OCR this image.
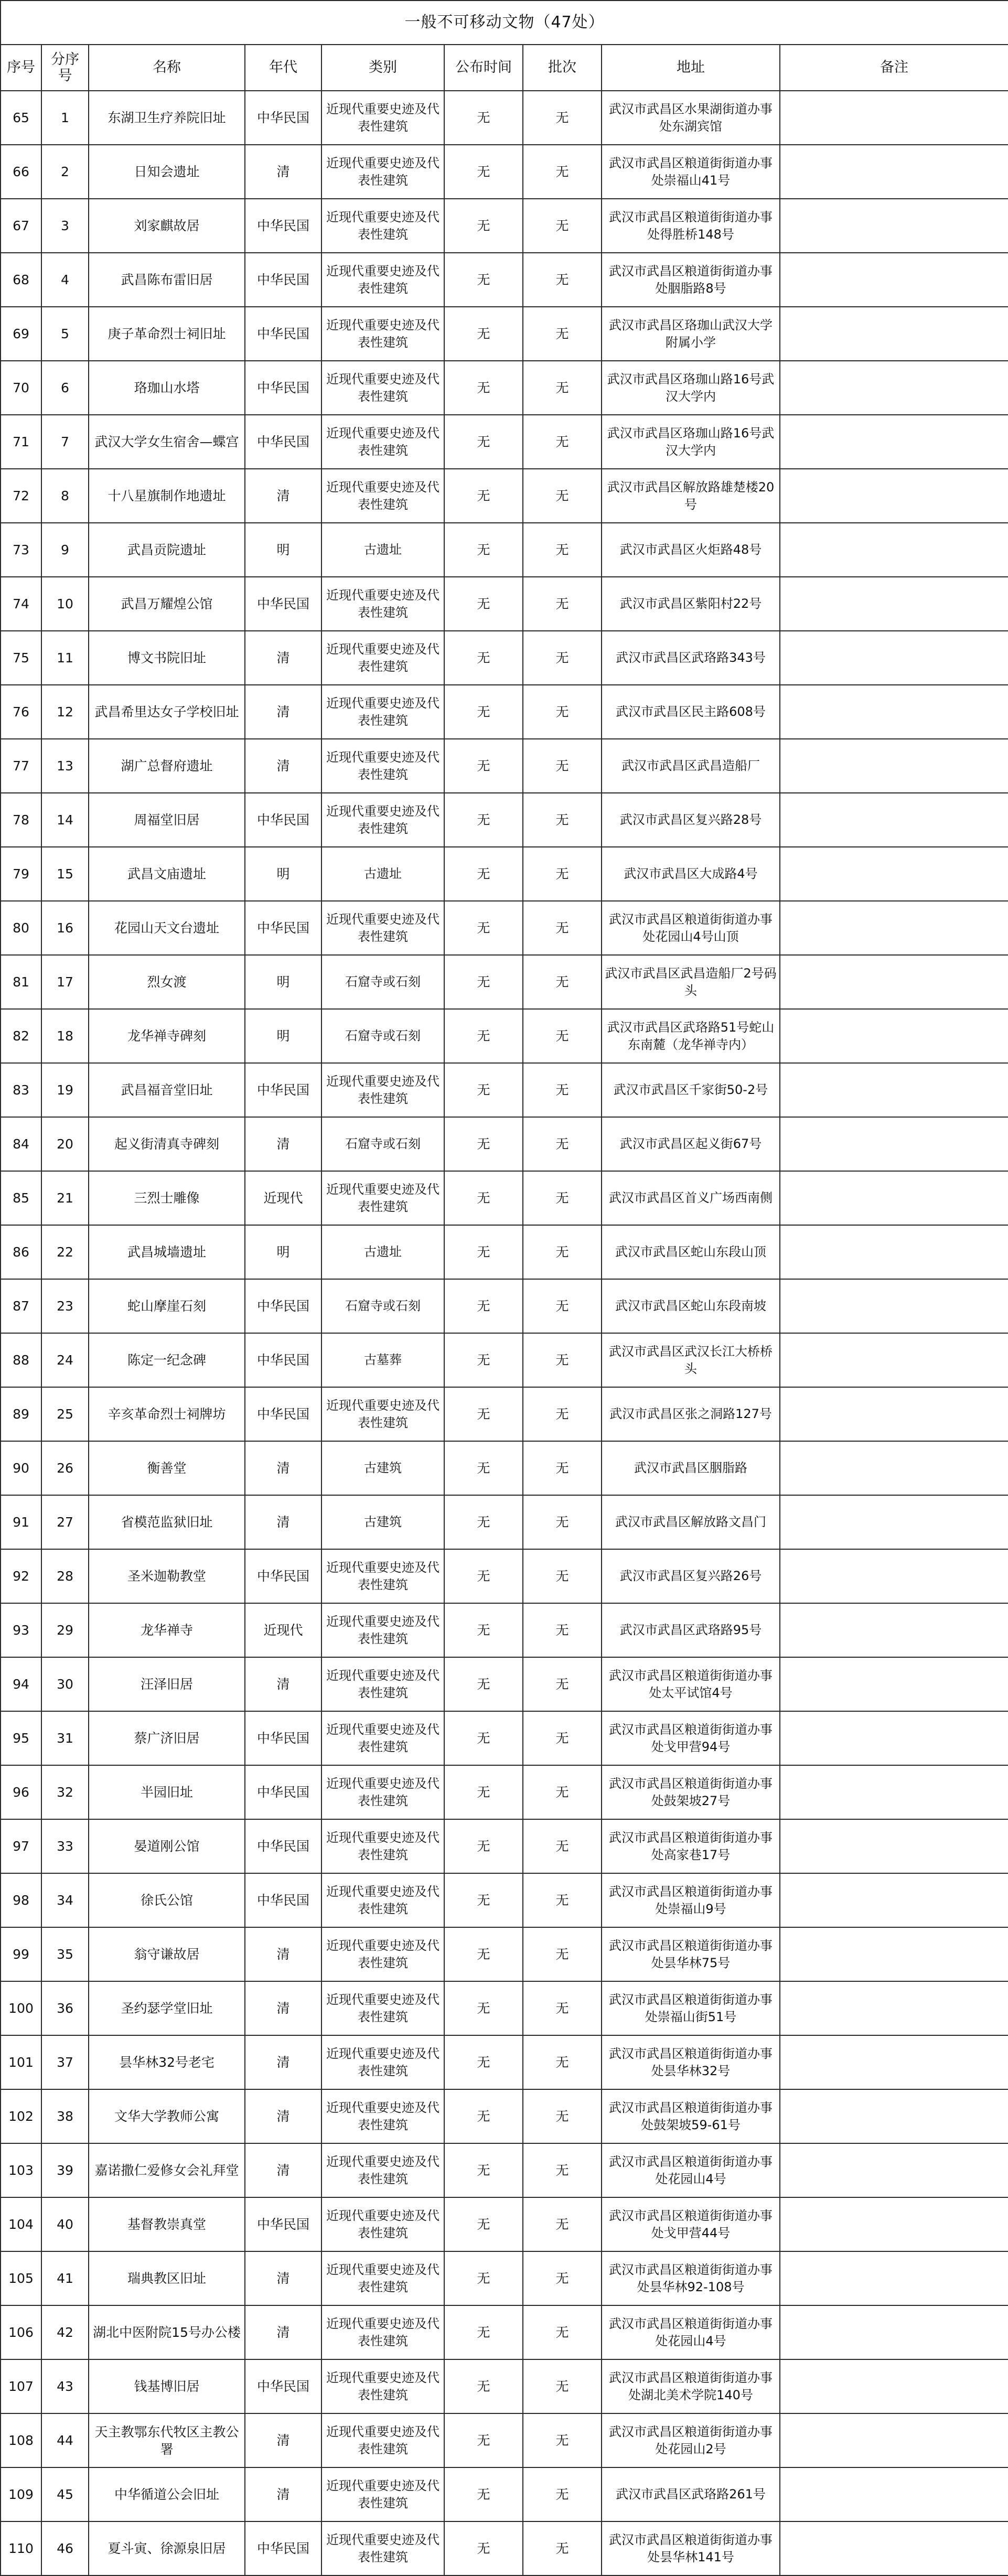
一般不可移动文物（47处）								
序号	分序号	名称	年代	类别	公布时间	批次	地址	备注
65	1	东湖卫生疗养院旧址	中华民国	近现代重要史迹及代表性建筑	无	无	武汉市武昌区水果湖街道办事处东湖宾馆	
66	2	日知会遗址	清	近现代重要史迹及代表性建筑	无	无	武汉市武昌区粮道街街道办事处崇福山41号	
67	3	刘家麒故居	中华民国	近现代重要史迹及代表性建筑	无	无	武汉市武昌区粮道街街道办事处得胜桥148号	
68	4	武昌陈布雷旧居	中华民国	近现代重要史迹及代表性建筑	无	无	武汉市武昌区粮道街街道办事处胭脂路8号	
69	5	庚子革命烈士祠旧址	中华民国	近现代重要史迹及代表性建筑	无	无	武汉市武昌区珞珈山武汉大学附属小学	
70	6	珞珈山水塔	中华民国	近现代重要史迹及代表性建筑	无	无	武汉市武昌区珞珈山路16号武汉大学内	
71	7	武汉大学女生宿舍—蝶宫	中华民国	近现代重要史迹及代表性建筑	无	无	武汉市武昌区珞珈山路16号武汉大学内	
72	8	十八星旗制作地遗址	清	近现代重要史迹及代表性建筑	无	无	武汉市武昌区解放路雄楚楼20号	
73	9	武昌贡院遗址	明	古遗址	无	无	武汉市武昌区火炬路48号	
74	10	武昌万耀煌公馆	中华民国	近现代重要史迹及代表性建筑	无	无	武汉市武昌区紫阳村22号	
75	11	博文书院旧址	清	近现代重要史迹及代表性建筑	无	无	武汉市武昌区武珞路343号	
76	12	武昌希里达女子学校旧址	清	近现代重要史迹及代表性建筑	无	无	武汉市武昌区民主路608号	
77	13	湖广总督府遗址	清	近现代重要史迹及代表性建筑	无	无	武汉市武昌区武昌造船厂	
78	14	周福堂旧居	中华民国	近现代重要史迹及代表性建筑	无	无	武汉市武昌区复兴路28号	
79	15	武昌文庙遗址	明	古遗址	无	无	武汉市武昌区大成路4号	
80	16	花园山天文台遗址	中华民国	近现代重要史迹及代表性建筑	无	无	武汉市武昌区粮道街街道办事处花园山4号山顶	
81	17	烈女渡	明	石窟寺或石刻	无	无	武汉市武昌区武昌造船厂2号码头	
82	18	龙华禅寺碑刻	明	石窟寺或石刻	无	无	武汉市武昌区武珞路51号蛇山东南麓（龙华禅寺内）	
83	19	武昌福音堂旧址	中华民国	近现代重要史迹及代表性建筑	无	无	武汉市武昌区千家街50-2号	
84	20	起义街清真寺碑刻	清	石窟寺或石刻	无	无	武汉市武昌区起义街67号	
85	21	三烈士雕像	近现代	近现代重要史迹及代表性建筑	无	无	武汉市武昌区首义广场西南侧	
86	22	武昌城墙遗址	明	古遗址	无	无	武汉市武昌区蛇山东段山顶	
87	23	蛇山摩崖石刻	中华民国	石窟寺或石刻	无	无	武汉市武昌区蛇山东段南坡	
88	24	陈定一纪念碑	中华民国	古墓葬	无	无	武汉市武昌区武汉长江大桥桥头	
89	25	辛亥革命烈士祠牌坊	中华民国	近现代重要史迹及代表性建筑	无	无	武汉市武昌区张之洞路127号	
90	26	衡善堂	清	古建筑	无	无	武汉市武昌区胭脂路	
91	27	省模范监狱旧址	清	古建筑	无	无	武汉市武昌区解放路文昌门	
92	28	圣米迦勒教堂	中华民国	近现代重要史迹及代表性建筑	无	无	武汉市武昌区复兴路26号	
93	29	龙华禅寺	近现代	近现代重要史迹及代表性建筑	无	无	武汉市武昌区武珞路95号	
94	30	汪泽旧居	清	近现代重要史迹及代表性建筑	无	无	武汉市武昌区粮道街街道办事处太平试馆4号	
95	31	蔡广济旧居	中华民国	近现代重要史迹及代表性建筑	无	无	武汉市武昌区粮道街街道办事处戈甲营94号	
96	32	半园旧址	中华民国	近现代重要史迹及代表性建筑	无	无	武汉市武昌区粮道街街道办事处鼓架坡27号	
97	33	晏道刚公馆	中华民国	近现代重要史迹及代表性建筑	无	无	武汉市武昌区粮道街街道办事处高家巷17号	
98	34	徐氏公馆	中华民国	近现代重要史迹及代表性建筑	无	无	武汉市武昌区粮道街街道办事处崇福山9号	
99	35	翁守谦故居	清	近现代重要史迹及代表性建筑	无	无	武汉市武昌区粮道街街道办事处昙华林75号	
100	36	圣约瑟学堂旧址	清	近现代重要史迹及代表性建筑	无	无	武汉市武昌区粮道街街道办事处崇福山街51号	
101	37	昙华林32号老宅	清	近现代重要史迹及代表性建筑	无	无	武汉市武昌区粮道街街道办事处昙华林32号	
102	38	文华大学教师公寓	清	近现代重要史迹及代表性建筑	无	无	武汉市武昌区粮道街街道办事处鼓架坡59-61号	
103	39	嘉诺撒仁爱修女会礼拜堂	清	近现代重要史迹及代表性建筑	无	无	武汉市武昌区粮道街街道办事处花园山4号	
104	40	基督教崇真堂	中华民国	近现代重要史迹及代表性建筑	无	无	武汉市武昌区粮道街街道办事处戈甲营44号	
105	41	瑞典教区旧址	清	近现代重要史迹及代表性建筑	无	无	武汉市武昌区粮道街街道办事处昙华林92-108号	
106	42	湖北中医附院15号办公楼	清	近现代重要史迹及代表性建筑	无	无	武汉市武昌区粮道街街道办事处花园山4号	
107	43	钱基博旧居	中华民国	近现代重要史迹及代表性建筑	无	无	武汉市武昌区粮道街街道办事处湖北美术学院140号	
108	44	天主教鄂东代牧区主教公署	清	近现代重要史迹及代表性建筑	无	无	武汉市武昌区粮道街街道办事处花园山2号	
109	45	中华循道公会旧址	清	近现代重要史迹及代表性建筑	无	无	武汉市武昌区武珞路261号	
110	46	夏斗寅、徐源泉旧居	中华民国	近现代重要史迹及代表性建筑	无	无	武汉市武昌区粮道街街道办事处昙华林141号	
